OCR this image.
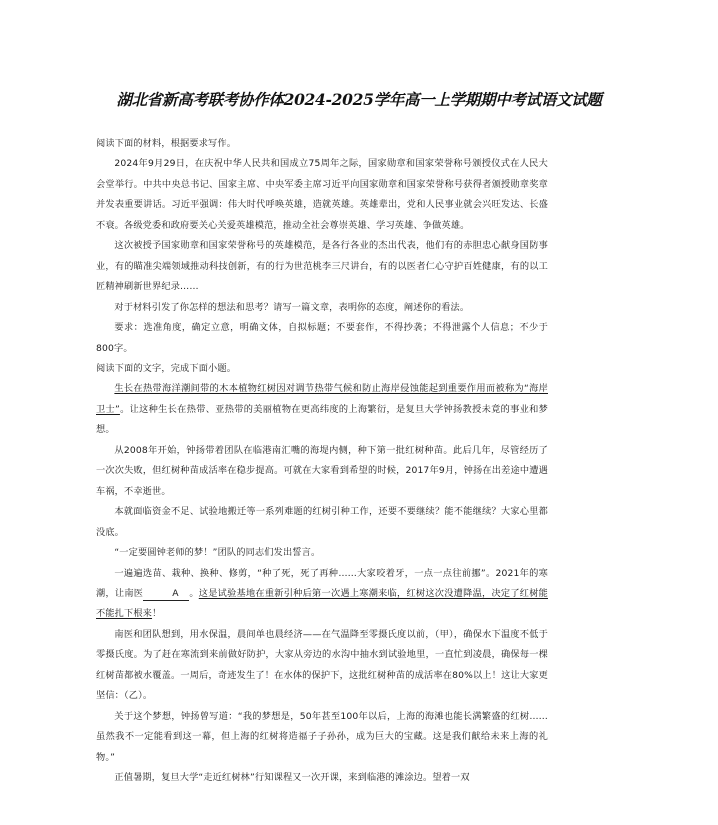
湖北省新高考联考协作体2024-2025学年高一上学期期中考试语文试题

阅读下面的材料，根据要求写作。

2024年9月29日，在庆祝中华人民共和国成立75周年之际，国家勋章和国家荣誉称号颁授仪式在人民大会堂举行。中共中央总书记、国家主席、中央军委主席习近平向国家勋章和国家荣誉称号获得者颁授勋章奖章并发表重要讲话。习近平强调：伟大时代呼唤英雄，造就英雄。英雄辈出，党和人民事业就会兴旺发达、长盛不衰。各级党委和政府要关心关爱英雄模范，推动全社会尊崇英雄、学习英雄、争做英雄。

这次被授予国家勋章和国家荣誉称号的英雄模范，是各行各业的杰出代表，他们有的赤胆忠心献身国防事业，有的瞄准尖端领域推动科技创新，有的行为世范桃李三尺讲台，有的以医者仁心守护百姓健康，有的以工匠精神刷新世界纪录……

对于材料引发了你怎样的想法和思考？请写一篇文章，表明你的态度，阐述你的看法。

要求：选准角度，确定立意，明确文体，自拟标题；不要套作，不得抄袭；不得泄露个人信息；不少于800字。

阅读下面的文字，完成下面小题。

生长在热带海洋潮间带的木本植物红树因对调节热带气候和防止海岸侵蚀能起到重要作用而被称为“海岸卫士”。让这种生长在热带、亚热带的美丽植物在更高纬度的上海繁衍，是复旦大学钟扬教授未竟的事业和梦想。

从2008年开始，钟扬带着团队在临港南汇嘴的海堤内侧，种下第一批红树种苗。此后几年，尽管经历了一次次失败，但红树种苗成活率在稳步提高。可就在大家看到希望的时候，2017年9月，钟扬在出差途中遭遇车祸，不幸逝世。

本就面临资金不足、试验地搬迁等一系列难题的红树引种工作，还要不要继续？能不能继续？大家心里都没底。

“一定要圆钟老师的梦！”团队的同志们发出誓言。

一遍遍选苗、栽种、换种、修剪，“种了死，死了再种……大家咬着牙，一点一点往前挪”。2021年的寒潮，让南医	A 。这是试验基地在重新引种后第一次遇上寒潮来临，红树这次没遭降温，决定了红树能不能扎下根来！

南医和团队想到，用水保温，晨间单也晨经济——在气温降至零摄氏度以前，（甲），确保水下温度不低于零摄氏度。为了赶在寒流到来前做好防护，大家从旁边的水沟中抽水到试验地里，一直忙到凌晨，确保每一棵红树苗都被水覆盖。一周后，奇迹发生了！在水体的保护下，这批红树种苗的成活率在80%以上！这让大家更坚信：（乙）。

关于这个梦想，钟扬曾写道：“我的梦想是，50年甚至100年以后，上海的海滩也能长满繁盛的红树……虽然我不一定能看到这一幕，但上海的红树将造福子子孙孙，成为巨大的宝藏。这是我们献给未来上海的礼物。”

正值暑期，复旦大学“走近红树林”行知课程又一次开课，来到临港的滩涂边。望着一双
